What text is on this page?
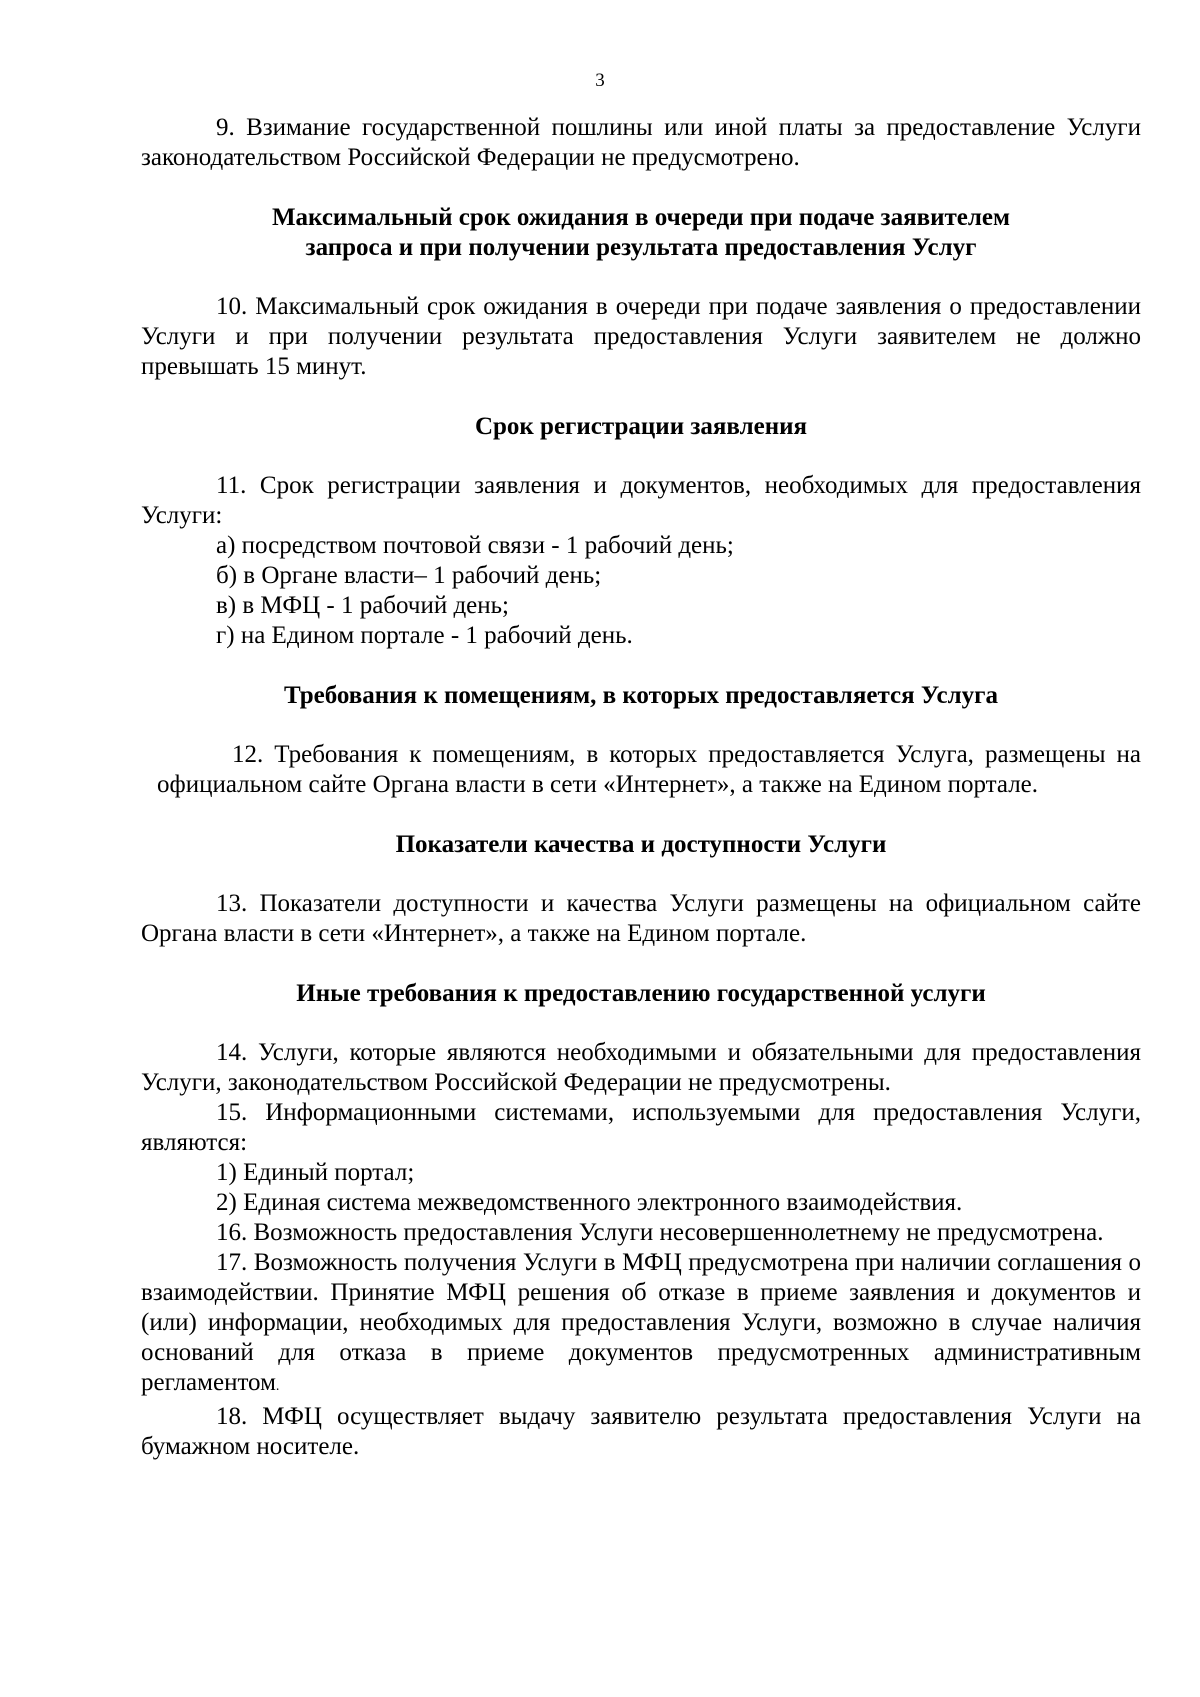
3

9. Взимание государственной пошлины или иной платы за предоставление Услуги законодательством Российской Федерации не предусмотрено.

Максимальный срок ожидания в очереди при подаче заявителем
запроса и при получении результата предоставления Услуг

10. Максимальный срок ожидания в очереди при подаче заявления о предоставлении Услуги и при получении результата предоставления Услуги заявителем не должно превышать 15 минут.

Срок регистрации заявления

11. Срок регистрации заявления и документов, необходимых для предоставления Услуги:

а) посредством почтовой связи - 1 рабочий день;

б) в Органе власти– 1 рабочий день;

в) в МФЦ - 1 рабочий день;

г) на Едином портале - 1 рабочий день.

Требования к помещениям, в которых предоставляется Услуга

12. Требования к помещениям, в которых предоставляется Услуга, размещены на официальном сайте Органа власти в сети «Интернет», а также на Едином портале.

Показатели качества и доступности Услуги

13. Показатели доступности и качества Услуги размещены на официальном сайте Органа власти в сети «Интернет», а также на Едином портале.

Иные требования к предоставлению государственной услуги

14. Услуги, которые являются необходимыми и обязательными для предоставления Услуги, законодательством Российской Федерации не предусмотрены.

15. Информационными системами, используемыми для предоставления Услуги, являются:

1) Единый портал;

2) Единая система межведомственного электронного взаимодействия.

16. Возможность предоставления Услуги несовершеннолетнему не предусмотрена.

17. Возможность получения Услуги в МФЦ предусмотрена при наличии соглашения о взаимодействии. Принятие МФЦ решения об отказе в приеме заявления и документов и (или) информации, необходимых для предоставления Услуги, возможно в случае наличия оснований для отказа в приеме документов предусмотренных административным регламентом.

18. МФЦ осуществляет выдачу заявителю результата предоставления Услуги на бумажном носителе.
